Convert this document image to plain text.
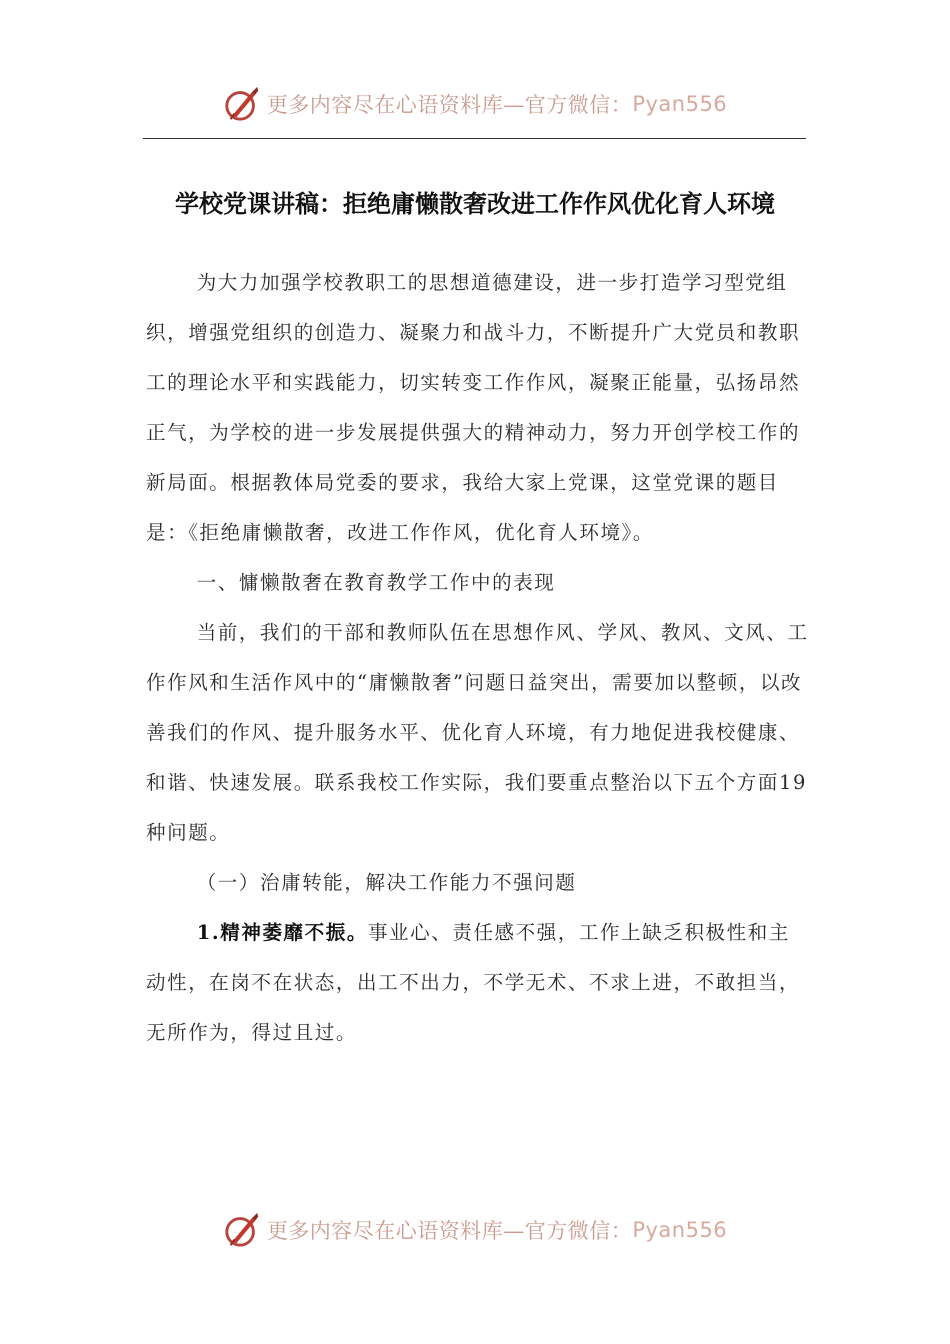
更多内容尽在心语资料库—官方微信： Pyan556
学校党课讲稿：拒绝庸懒散奢改进工作作风优化育人环境

为大力加强学校教职工的思想道德建设，进一步打造学习型党组织，增强党组织的创造力、凝聚力和战斗力，不断提升广大党员和教职工的理论水平和实践能力，切实转变工作作风，凝聚正能量，弘扬昂然正气，为学校的进一步发展提供强大的精神动力，努力开创学校工作的新局面。根据教体局党委的要求，我给大家上党课，这堂党课的题目是：《拒绝庸懒散奢，改进工作作风，优化育人环境》。

一、慵懒散奢在教育教学工作中的表现

当前，我们的干部和教师队伍在思想作风、学风、教风、文风、工作作风和生活作风中的“庸懒散奢”问题日益突出，需要加以整顿，以改善我们的作风、提升服务水平、优化育人环境，有力地促进我校健康、和谐、快速发展。联系我校工作实际，我们要重点整治以下五个方面19种问题。

（一）治庸转能，解决工作能力不强问题

1.精神萎靡不振。事业心、责任感不强，工作上缺乏积极性和主动性，在岗不在状态，出工不出力，不学无术、不求上进，不敢担当，无所作为，得过且过。

更多内容尽在心语资料库—官方微信： Pyan556
